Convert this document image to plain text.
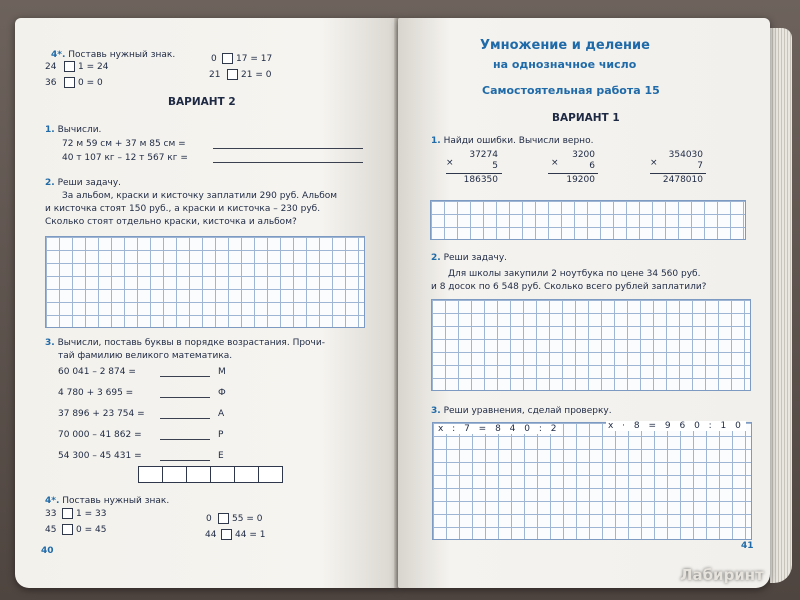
4*. Поставь нужный знак.
24 1 = 24
36 0 = 0
0 17 = 17
21 21 = 0
ВАРИАНТ 2
1. Вычисли.
72 м 59 см + 37 м 85 см =
40 т 107 кг – 12 т 567 кг =
2. Реши задачу.
За альбом, краски и кисточку заплатили 290 руб. Альбом
и кисточка стоят 150 руб., а краски и кисточка – 230 руб.
Сколько стоят отдельно краски, кисточка и альбом?
3. Вычисли, поставь буквы в порядке возрастания. Прочи-
тай фамилию великого математика.
60 041 – 2 874 =	М
4 780 + 3 695 =	Ф
37 896 + 23 754 =	А
70 000 – 41 862 =	Р
54 300 – 45 431 =	Е
4*. Поставь нужный знак.
33 1 = 33
45 0 = 45
0 55 = 0
44 44 = 1
40
Умножение и деление
на однозначное число
Самостоятельная работа 15
ВАРИАНТ 1
1. Найди ошибки. Вычисли верно.
×
37274
5
186350
×
3200
6
19200
×
354030
7
2478010
2. Реши задачу.
Для школы закупили 2 ноутбука по цене 34 560 руб.
и 8 досок по 6 548 руб. Сколько всего рублей заплатили?
3. Реши уравнения, сделай проверку.
x : 7 = 8 4 0 : 2	x · 8 = 9 6 0 : 1 0
41
Лабиринт
